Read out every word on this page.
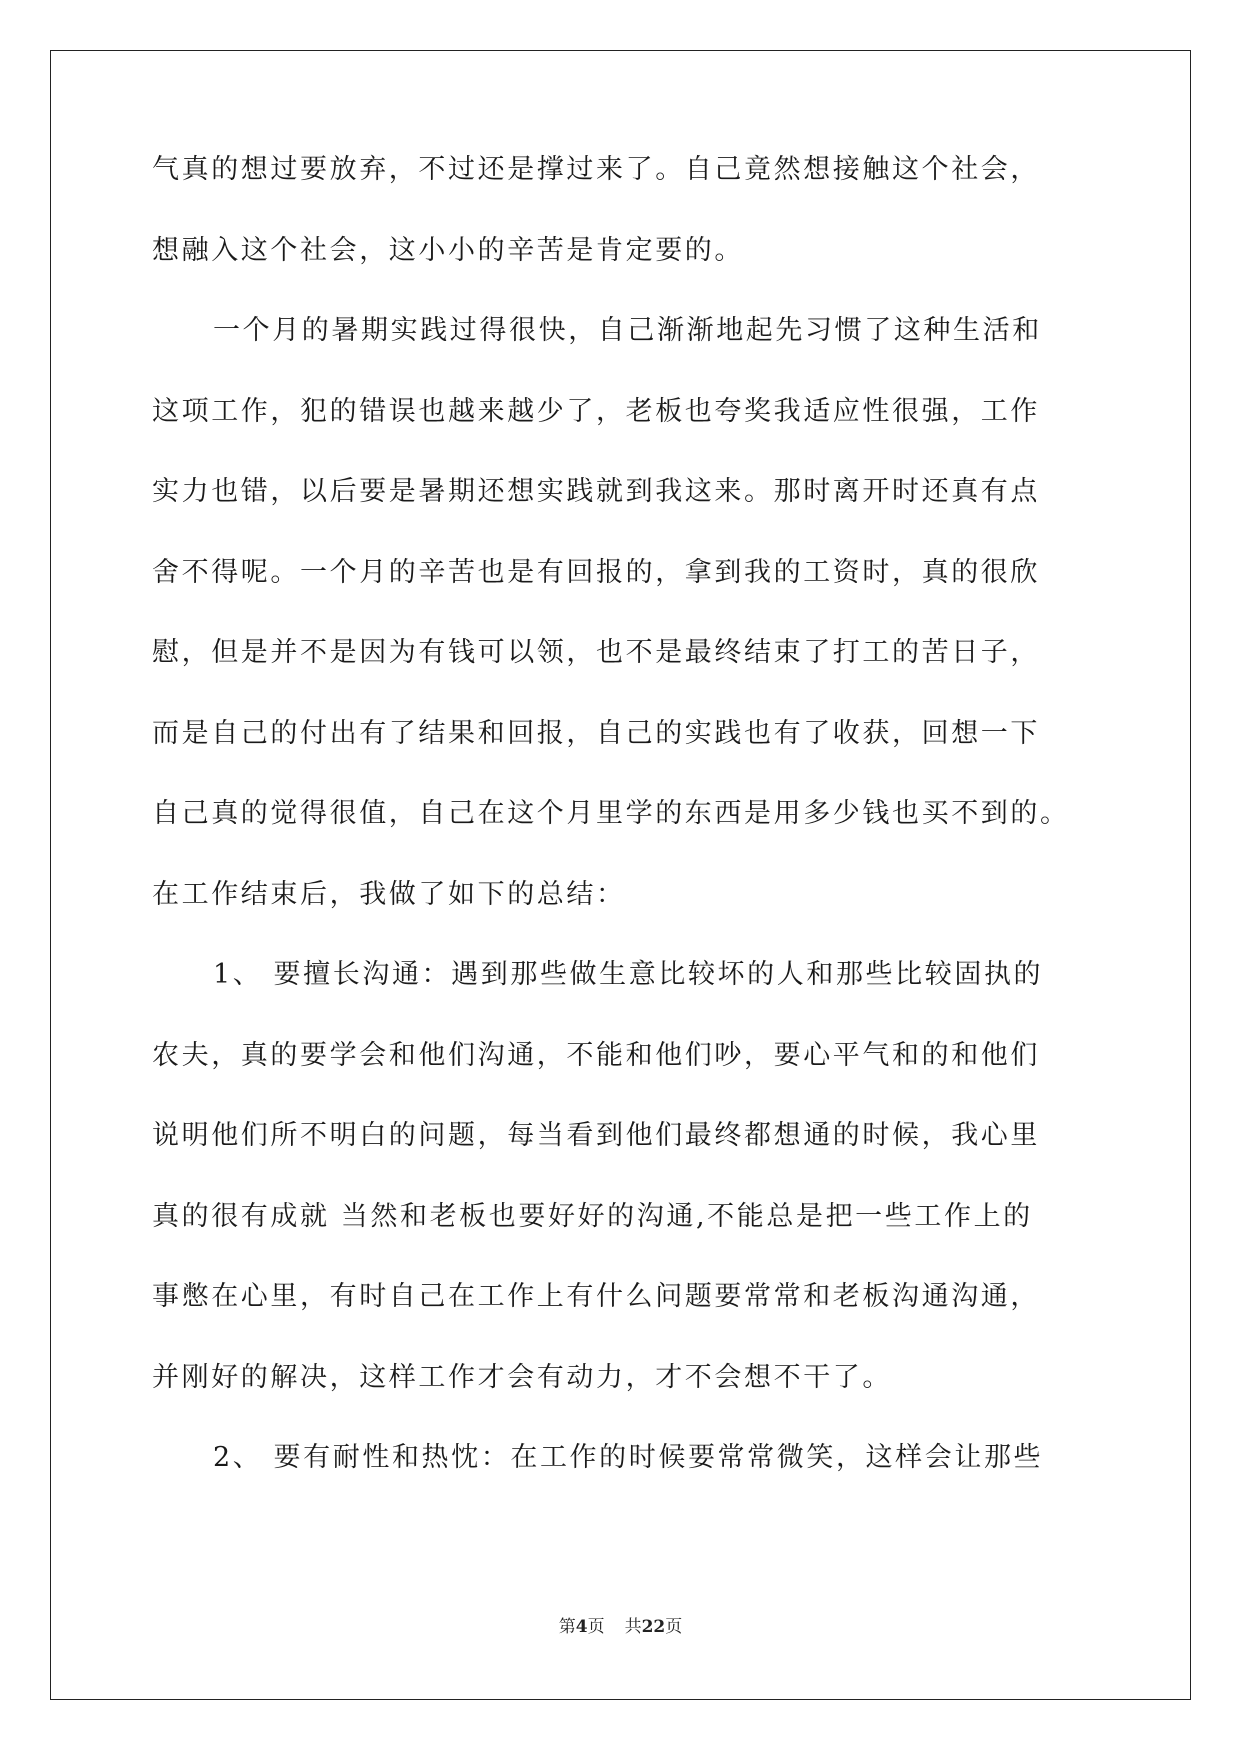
气真的想过要放弃，不过还是撑过来了。自己竟然想接触这个社会，
想融入这个社会，这小小的辛苦是肯定要的。
一个月的暑期实践过得很快，自己渐渐地起先习惯了这种生活和
这项工作，犯的错误也越来越少了，老板也夸奖我适应性很强，工作
实力也错，以后要是暑期还想实践就到我这来。那时离开时还真有点
舍不得呢。一个月的辛苦也是有回报的，拿到我的工资时，真的很欣
慰，但是并不是因为有钱可以领，也不是最终结束了打工的苦日子，
而是自己的付出有了结果和回报，自己的实践也有了收获，回想一下
自己真的觉得很值，自己在这个月里学的东西是用多少钱也买不到的。
在工作结束后，我做了如下的总结：
1、 要擅长沟通：遇到那些做生意比较坏的人和那些比较固执的
农夫，真的要学会和他们沟通，不能和他们吵，要心平气和的和他们
说明他们所不明白的问题，每当看到他们最终都想通的时候，我心里
真的很有成就 当然和老板也要好好的沟通,不能总是把一些工作上的
事憋在心里，有时自己在工作上有什么问题要常常和老板沟通沟通，
并刚好的解决，这样工作才会有动力，才不会想不干了。
2、 要有耐性和热忱：在工作的时候要常常微笑，这样会让那些
第4页 共22页
